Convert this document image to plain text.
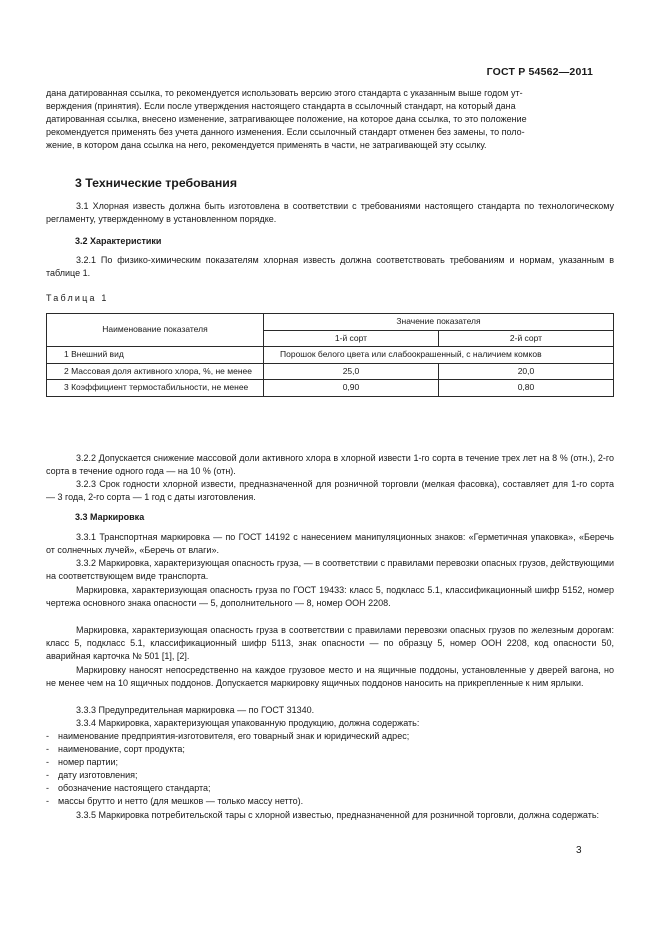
ГОСТ Р 54562—2011
дана датированная ссылка, то рекомендуется использовать версию этого стандарта с указанным выше годом ут-
верждения (принятия). Если после утверждения настоящего стандарта в ссылочный стандарт, на который дана
датированная ссылка, внесено изменение, затрагивающее положение, на которое дана ссылка, то это положение
рекомендуется применять без учета данного изменения. Если ссылочный стандарт отменен без замены, то поло-
жение, в котором дана ссылка на него, рекомендуется применять в части, не затрагивающей эту ссылку.
3 Технические требования

3.1 Хлорная известь должна быть изготовлена в соответствии с требованиями настоящего стандарта по технологическому регламенту, утвержденному в установленном порядке.

3.2 Характеристики

3.2.1 По физико-химическим показателям хлорная известь должна соответствовать требованиям и нормам, указанным в таблице 1.

Таблица 1
Наименование показателя	Значение показателя	
	1-й сорт	2-й сорт
1 Внешний вид	Порошок белого цвета или слабоокрашенный, с наличием комков	
2 Массовая доля активного хлора, %, не менее	25,0	20,0
3 Коэффициент термостабильности, не менее	0,90	0,80

3.2.2 Допускается снижение массовой доли активного хлора в хлорной извести 1-го сорта в течение трех лет на 8 % (отн.), 2-го сорта в течение одного года — на 10 % (отн).

3.2.3 Срок годности хлорной извести, предназначенной для розничной торговли (мелкая фасовка), составляет для 1-го сорта — 3 года, 2-го сорта — 1 год с даты изготовления.

3.3 Маркировка

3.3.1 Транспортная маркировка — по ГОСТ 14192 с нанесением манипуляционных знаков: «Герметичная упаковка», «Беречь от солнечных лучей», «Беречь от влаги».

3.3.2 Маркировка, характеризующая опасность груза, — в соответствии с правилами перевозки опасных грузов, действующими на соответствующем виде транспорта.

Маркировка, характеризующая опасность груза по ГОСТ 19433: класс 5, подкласс 5.1, классификационный шифр 5152, номер чертежа основного знака опасности — 5, дополнительного — 8, номер ООН 2208.

Маркировка, характеризующая опасность груза в соответствии с правилами перевозки опасных грузов по железным дорогам: класс 5, подкласс 5.1, классификационный шифр 5113, знак опасности — по образцу 5, номер ООН 2208, код опасности 50, аварийная карточка № 501 [1], [2].

Маркировку наносят непосредственно на каждое грузовое место и на ящичные поддоны, установленные у дверей вагона, но не менее чем на 10 ящичных поддонов. Допускается маркировку ящичных поддонов наносить на прикрепленные к ним ярлыки.

3.3.3 Предупредительная маркировка — по ГОСТ 31340.

3.3.4 Маркировка, характеризующая упакованную продукцию, должна содержать:

- наименование предприятия-изготовителя, его товарный знак и юридический адрес;
- наименование, сорт продукта;
- номер партии;
- дату изготовления;
- обозначение настоящего стандарта;
- массы брутто и нетто (для мешков — только массу нетто).

3.3.5 Маркировка потребительской тары с хлорной известью, предназначенной для розничной торговли, должна содержать:

3
